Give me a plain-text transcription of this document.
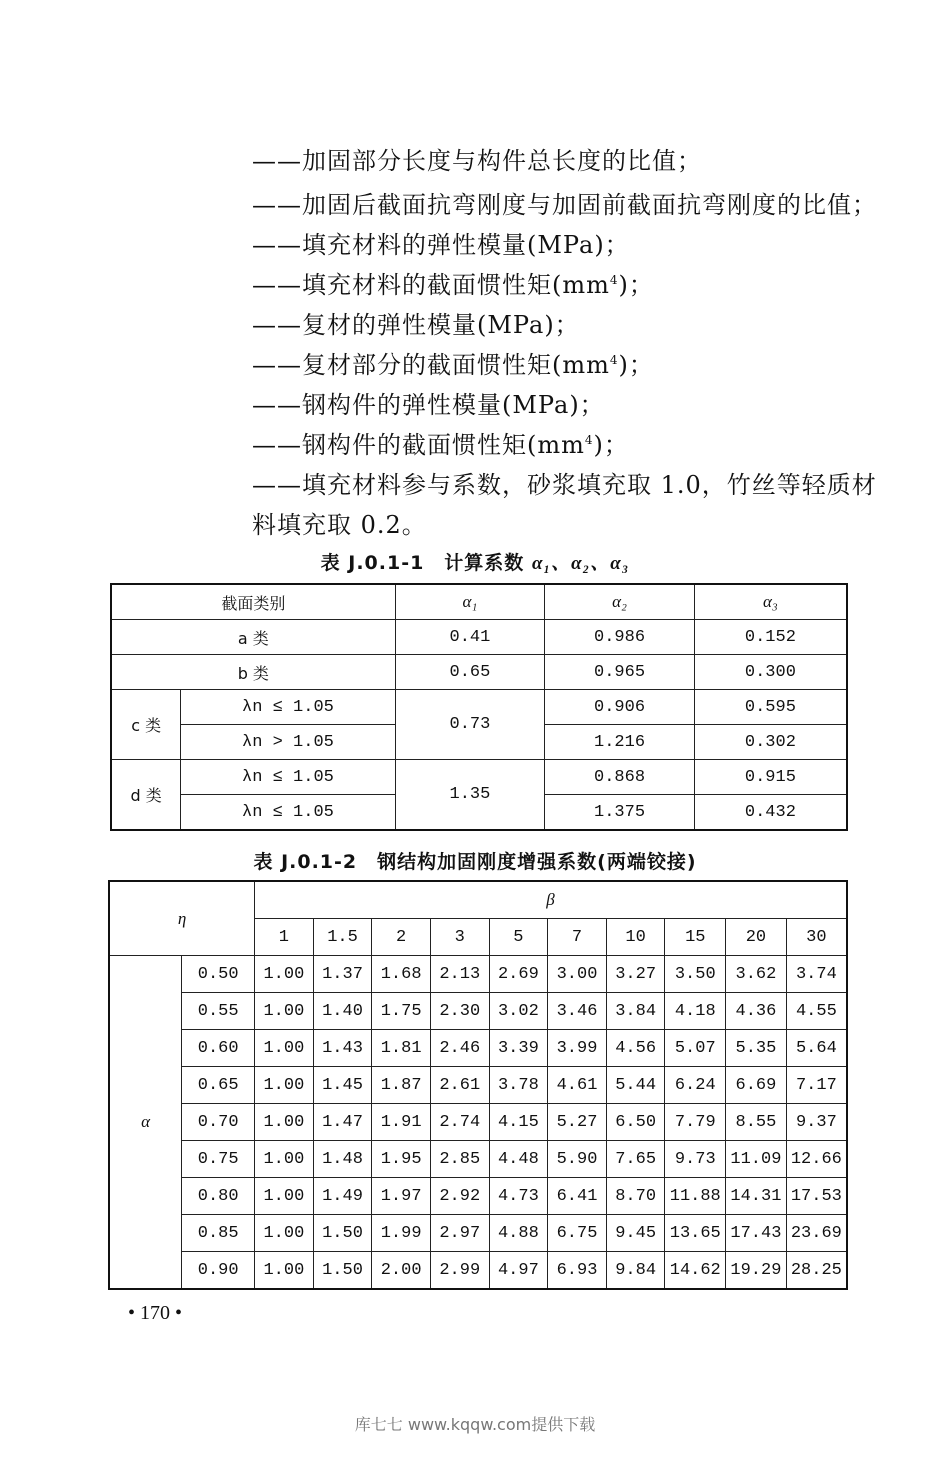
——加固部分长度与构件总长度的比值；
——加固后截面抗弯刚度与加固前截面抗弯刚度的比值；
——填充材料的弹性模量(MPa)；
——填充材料的截面惯性矩$(mm^4)$；
——复材的弹性模量(MPa)；
——复材部分的截面惯性矩$(mm^4)$；
——钢构件的弹性模量(MPa)；
——钢构件的截面惯性矩$(mm^4)$；
——填充材料参与系数，砂浆填充取 1.0，竹丝等轻质材
料填充取 0.2。
表 J.0.1-1　计算系数 α₁、α₂、α₃
截面类别		α₁	α₂	α₃
a 类		0.41	0.986	0.152
b 类		0.65	0.965	0.300
c 类	λn ≤ 1.05	0.73	0.906	0.595
	λn > 1.05		1.216	0.302
d 类	λn ≤ 1.05	1.35	0.868	0.915
	λn ≤ 1.05		1.375	0.432
表 J.0.1-2　钢结构加固刚度增强系数(两端铰接)
η		β									
		1	1.5	2	3	5	7	10	15	20	30
α	0.50	1.00	1.37	1.68	2.13	2.69	3.00	3.27	3.50	3.62	3.74
	0.55	1.00	1.40	1.75	2.30	3.02	3.46	3.84	4.18	4.36	4.55
	0.60	1.00	1.43	1.81	2.46	3.39	3.99	4.56	5.07	5.35	5.64
	0.65	1.00	1.45	1.87	2.61	3.78	4.61	5.44	6.24	6.69	7.17
	0.70	1.00	1.47	1.91	2.74	4.15	5.27	6.50	7.79	8.55	9.37
	0.75	1.00	1.48	1.95	2.85	4.48	5.90	7.65	9.73	11.09	12.66
	0.80	1.00	1.49	1.97	2.92	4.73	6.41	8.70	11.88	14.31	17.53
	0.85	1.00	1.50	1.99	2.97	4.88	6.75	9.45	13.65	17.43	23.69
	0.90	1.00	1.50	2.00	2.99	4.97	6.93	9.84	14.62	19.29	28.25
• 170 •
库七七 www.kqqw.com提供下载
